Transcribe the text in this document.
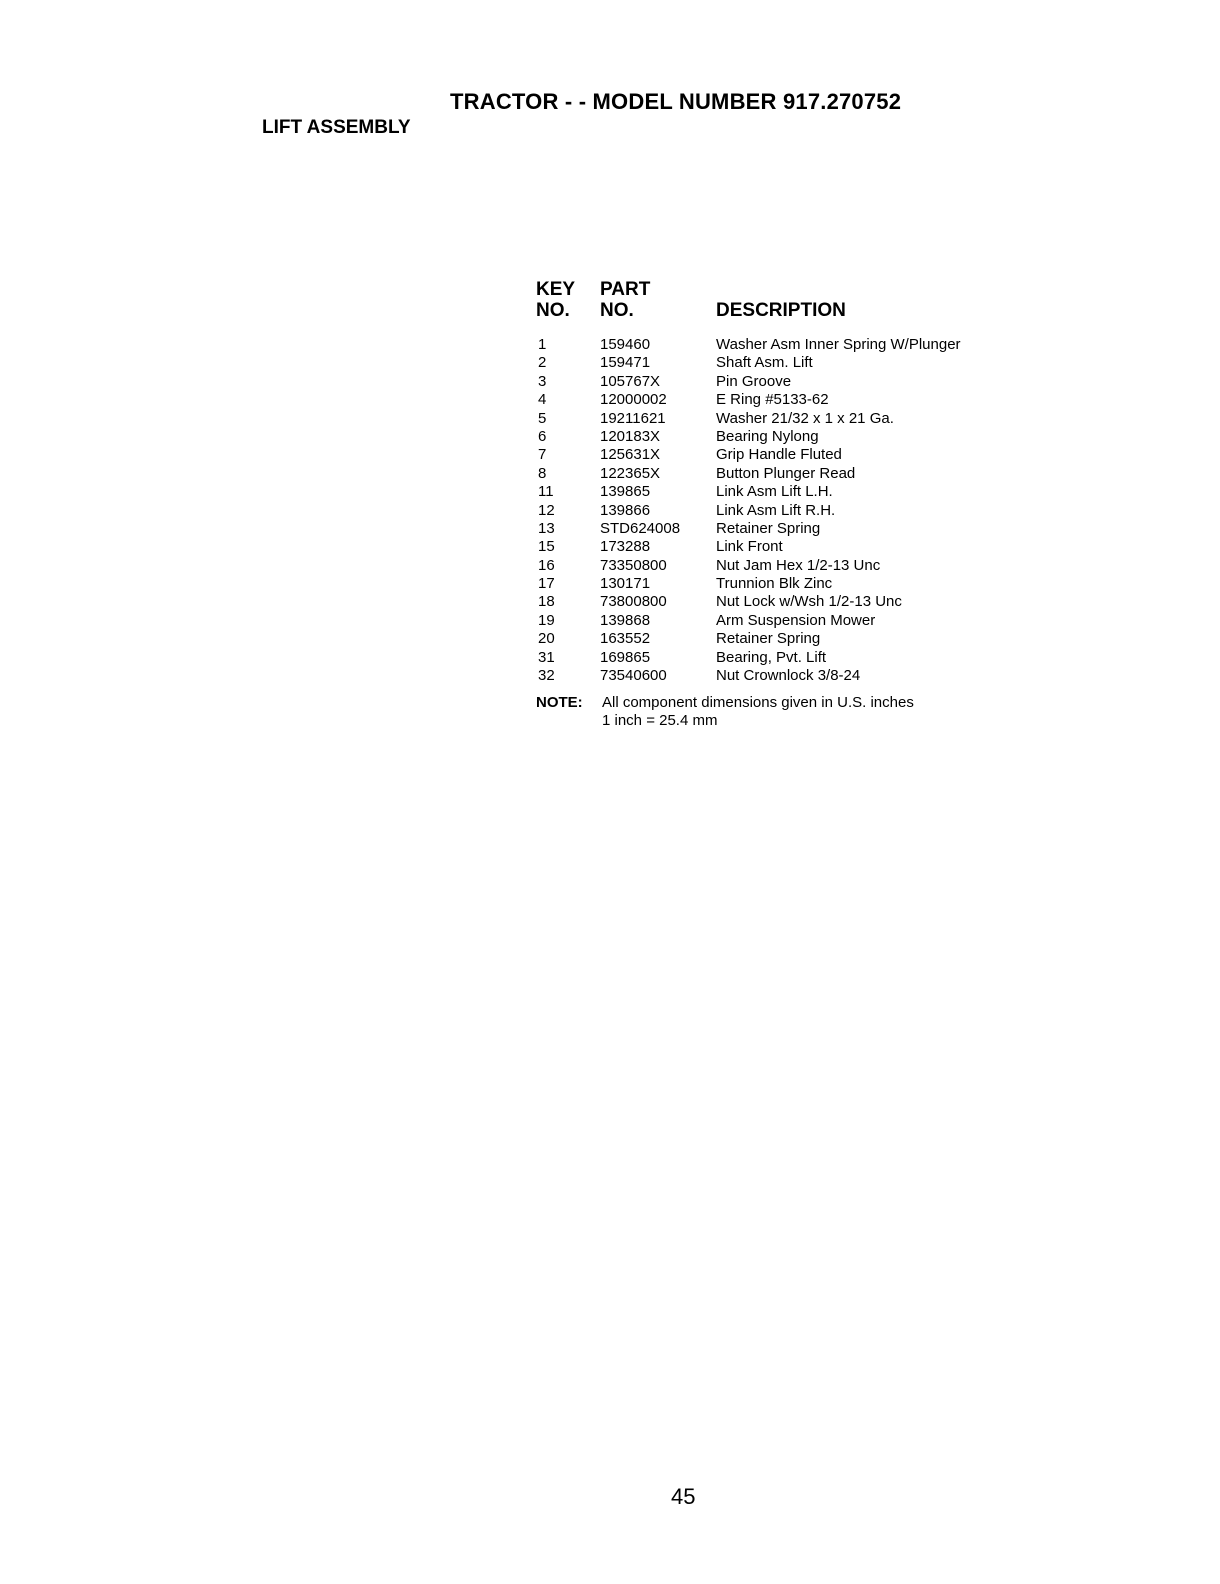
TRACTOR - - MODEL NUMBER 917.270752
LIFT ASSEMBLY
KEY
NO.
PART
NO.	DESCRIPTION
1	159460	Washer Asm Inner Spring W/Plunger
2	159471	Shaft Asm. Lift
3	105767X	Pin Groove
4	12000002	E Ring #5133-62
5	19211621	Washer 21/32 x 1 x 21 Ga.
6	120183X	Bearing Nylong
7	125631X	Grip Handle Fluted
8	122365X	Button Plunger Read
11	139865	Link Asm Lift L.H.
12	139866	Link Asm Lift R.H.
13	STD624008 Retainer Spring
15	173288	Link Front
16	73350800	Nut Jam Hex 1/2-13 Unc
17	130171	Trunnion Blk Zinc
18	73800800	Nut Lock w/Wsh 1/2-13 Unc
19	139868	Arm Suspension Mower
20	163552	Retainer Spring
31	169865	Bearing, Pvt. Lift
32	73540600	Nut Crownlock 3/8-24
NOTE: All component dimensions given in U.S. inches
1 inch = 25.4 mm
45
